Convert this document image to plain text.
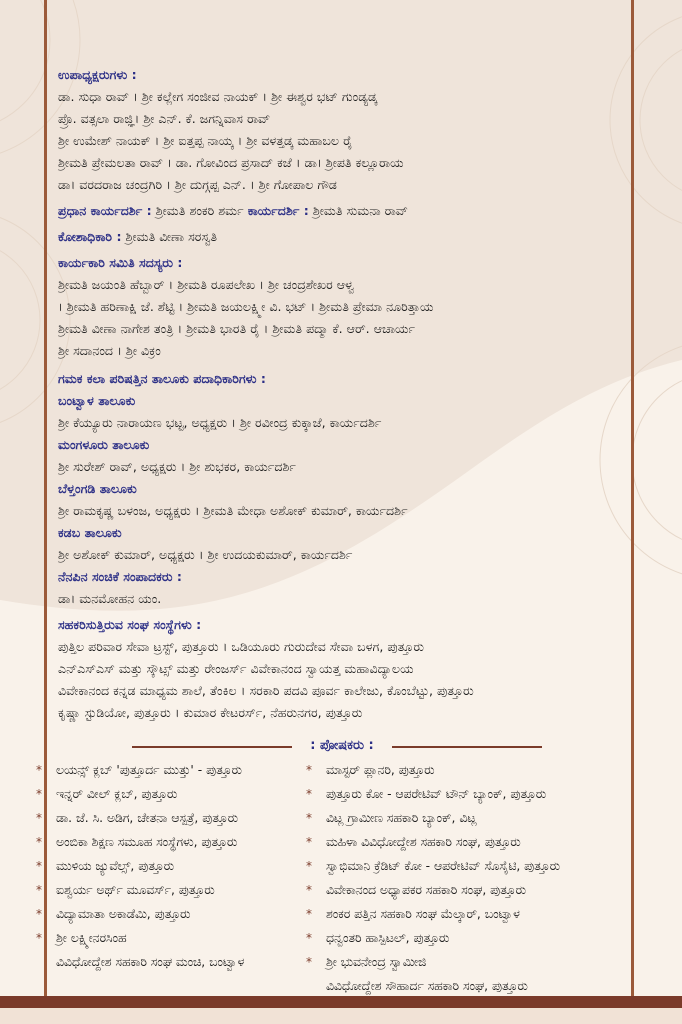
ಉಪಾಧ್ಯಕ್ಷರುಗಳು :
ಡಾ. ಸುಧಾ ರಾವ್ । ಶ್ರೀ ಕಲ್ಲೇಗ ಸಂಜೀವ ನಾಯಕ್ । ಶ್ರೀ ಈಶ್ವರ ಭಟ್ ಗುಂಡ್ಯಡ್ಕ
ಪ್ರೊ. ವತ್ಸಲಾ ರಾಜ್ಞಿ। ಶ್ರೀ ಎನ್. ಕೆ. ಜಗನ್ನಿವಾಸ ರಾವ್
ಶ್ರೀ ಉಮೇಶ್ ನಾಯಕ್ । ಶ್ರೀ ಐತ್ತಪ್ಪ ನಾಯ್ಕ । ಶ್ರೀ ವಳತ್ತಡ್ಕ ಮಹಾಬಲ ರೈ
ಶ್ರೀಮತಿ ಪ್ರೇಮಲತಾ ರಾವ್ । ಡಾ. ಗೋವಿಂದ ಪ್ರಸಾದ್ ಕಜೆ । ಡಾ। ಶ್ರೀಪತಿ ಕಲ್ಲೂರಾಯ
ಡಾ। ವರದರಾಜ ಚಂದ್ರಗಿರಿ । ಶ್ರೀ ದುಗ್ಗಪ್ಪ ಎನ್. । ಶ್ರೀ ಗೋಪಾಲ ಗೌಡ
ಪ್ರಧಾನ ಕಾರ್ಯದರ್ಶಿ : ಶ್ರೀಮತಿ ಶಂಕರಿ ಶರ್ಮ ಕಾರ್ಯದರ್ಶಿ : ಶ್ರೀಮತಿ ಸುಮನಾ ರಾವ್
ಕೋಶಾಧಿಕಾರಿ : ಶ್ರೀಮತಿ ವೀಣಾ ಸರಸ್ವತಿ
ಕಾರ್ಯಕಾರಿ ಸಮಿತಿ ಸದಸ್ಯರು :
ಶ್ರೀಮತಿ ಜಯಂತಿ ಹೆಬ್ಬಾರ್ । ಶ್ರೀಮತಿ ರೂಪಲೇಖ । ಶ್ರೀ ಚಂದ್ರಶೇಖರ ಆಳ್ವ
। ಶ್ರೀಮತಿ ಹರಿಣಾಕ್ಷಿ ಜೆ. ಶೆಟ್ಟಿ । ಶ್ರೀಮತಿ ಜಯಲಕ್ಷ್ಮೀ ವಿ. ಭಟ್ । ಶ್ರೀಮತಿ ಪ್ರೇಮಾ ನೂರಿತ್ತಾಯ
ಶ್ರೀಮತಿ ವೀಣಾ ನಾಗೇಶ ತಂತ್ರಿ । ಶ್ರೀಮತಿ ಭಾರತಿ ರೈ । ಶ್ರೀಮತಿ ಪದ್ಮಾ ಕೆ. ಆರ್. ಆಚಾರ್ಯ
ಶ್ರೀ ಸದಾನಂದ । ಶ್ರೀ ವಿಕ್ರಂ
ಗಮಕ ಕಲಾ ಪರಿಷತ್ತಿನ ತಾಲೂಕು ಪದಾಧಿಕಾರಿಗಳು :
ಬಂಟ್ವಾಳ ತಾಲೂಕು
ಶ್ರೀ ಕೆಯ್ಯೂರು ನಾರಾಯಣ ಭಟ್ಟ, ಅಧ್ಯಕ್ಷರು । ಶ್ರೀ ರವೀಂದ್ರ ಕುಕ್ಕಾಜೆ, ಕಾರ್ಯದರ್ಶಿ
ಮಂಗಳೂರು ತಾಲೂಕು
ಶ್ರೀ ಸುರೇಶ್ ರಾವ್, ಅಧ್ಯಕ್ಷರು । ಶ್ರೀ ಶುಭಕರ, ಕಾರ್ಯದರ್ಶಿ
ಬೆಳ್ತಂಗಡಿ ತಾಲೂಕು
ಶ್ರೀ ರಾಮಕೃಷ್ಣ ಬಳಂಜ, ಅಧ್ಯಕ್ಷರು । ಶ್ರೀಮತಿ ಮೇಧಾ ಅಶೋಕ್ ಕುಮಾರ್, ಕಾರ್ಯದರ್ಶಿ
ಕಡಬ ತಾಲೂಕು
ಶ್ರೀ ಅಶೋಕ್ ಕುಮಾರ್, ಅಧ್ಯಕ್ಷರು । ಶ್ರೀ ಉದಯಕುಮಾರ್, ಕಾರ್ಯದರ್ಶಿ
ನೆನಪಿನ ಸಂಚಿಕೆ ಸಂಪಾದಕರು :
ಡಾ। ಮನಮೋಹನ ಯಂ.
ಸಹಕರಿಸುತ್ತಿರುವ ಸಂಘ ಸಂಸ್ಥೆಗಳು :
ಪುತ್ತಿಲ ಪರಿವಾರ ಸೇವಾ ಟ್ರಸ್ಟ್, ಪುತ್ತೂರು । ಒಡಿಯೂರು ಗುರುದೇವ ಸೇವಾ ಬಳಗ, ಪುತ್ತೂರು
ಎನ್ಎಸ್ಎಸ್ ಮತ್ತು ಸ್ಕೌಟ್ಸ್ ಮತ್ತು ರೇಂಜರ್ಸ್ ವಿವೇಕಾನಂದ ಸ್ವಾಯತ್ತ ಮಹಾವಿದ್ಯಾಲಯ
ವಿವೇಕಾನಂದ ಕನ್ನಡ ಮಾಧ್ಯಮ ಶಾಲೆ, ತೆಂಕಿಲ । ಸರಕಾರಿ ಪದವಿ ಪೂರ್ವ ಕಾಲೇಜು, ಕೊಂಬೆಟ್ಟು, ಪುತ್ತೂರು
ಕೃಷ್ಣಾ ಸ್ಟುಡಿಯೋ, ಪುತ್ತೂರು । ಕುಮಾರ ಕೇಟರರ್ಸ್, ನೆಹರುನಗರ, ಪುತ್ತೂರು
: ಪೋಷಕರು :
* ಲಯನ್ಸ್ ಕ್ಲಬ್ 'ಪುತ್ತೂರ್ದ ಮುತ್ತು' - ಪುತ್ತೂರು
* ಇನ್ನರ್ ವೀಲ್ ಕ್ಲಬ್, ಪುತ್ತೂರು
* ಡಾ. ಜೆ. ಸಿ. ಅಡಿಗ, ಚೇತನಾ ಆಸ್ಪತ್ರೆ, ಪುತ್ತೂರು
* ಅಂಬಿಕಾ ಶಿಕ್ಷಣ ಸಮೂಹ ಸಂಸ್ಥೆಗಳು, ಪುತ್ತೂರು
* ಮುಳಿಯ ಜ್ಯುವೆಲ್ಸ್, ಪುತ್ತೂರು
* ಐಶ್ವರ್ಯ ಅರ್ಥ್ ಮೂವರ್ಸ್, ಪುತ್ತೂರು
* ವಿದ್ಯಾಮಾತಾ ಅಕಾಡೆಮಿ, ಪುತ್ತೂರು
* ಶ್ರೀ ಲಕ್ಷ್ಮೀನರಸಿಂಹ
ವಿವಿಧೋದ್ದೇಶ ಸಹಕಾರಿ ಸಂಘ ಮಂಚಿ, ಬಂಟ್ವಾಳ
* ಮಾಸ್ಟರ್ ಪ್ಲಾನರಿ, ಪುತ್ತೂರು
* ಪುತ್ತೂರು ಕೋ - ಆಪರೇಟಿವ್ ಟೌನ್ ಬ್ಯಾಂಕ್, ಪುತ್ತೂರು
* ವಿಟ್ಲ ಗ್ರಾಮೀಣ ಸಹಕಾರಿ ಬ್ಯಾಂಕ್, ವಿಟ್ಲ
* ಮಹಿಳಾ ವಿವಿಧೋದ್ದೇಶ ಸಹಕಾರಿ ಸಂಘ, ಪುತ್ತೂರು
* ಸ್ವಾಭಿಮಾನಿ ಕ್ರೆಡಿಟ್ ಕೋ - ಆಪರೇಟಿವ್ ಸೊಸೈಟಿ, ಪುತ್ತೂರು
* ವಿವೇಕಾನಂದ ಅಧ್ಯಾಪಕರ ಸಹಕಾರಿ ಸಂಘ, ಪುತ್ತೂರು
* ಶಂಕರ ಪತ್ತಿನ ಸಹಕಾರಿ ಸಂಘ ಮೆಲ್ಕಾರ್, ಬಂಟ್ವಾಳ
* ಧನ್ವಂತರಿ ಹಾಸ್ಪಿಟಲ್, ಪುತ್ತೂರು
* ಶ್ರೀ ಭುವನೇಂದ್ರ ಸ್ವಾಮೀಜಿ
ವಿವಿಧೋದ್ದೇಶ ಸೌಹಾರ್ದ ಸಹಕಾರಿ ಸಂಘ, ಪುತ್ತೂರು
